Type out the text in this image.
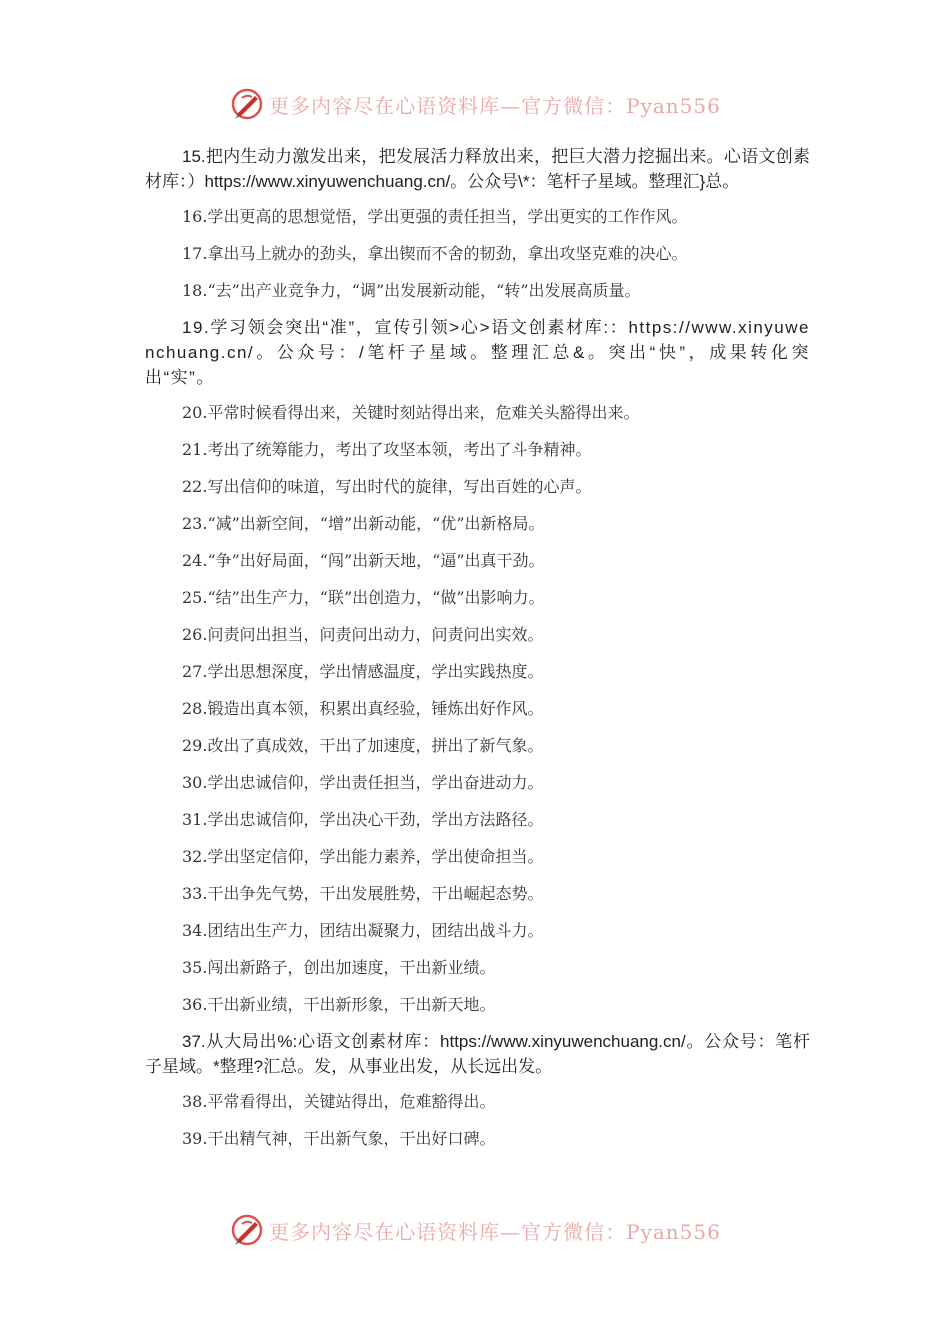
更多内容尽在心语资料库—官方微信：Pyan556

15.把内生动力激发出来，把发展活力释放出来，把巨大潜力挖掘出来。心语文创素材库：）https://www.xinyuwenchuang.cn/。公众号\*：笔杆子星域。整理汇}总。

16.学出更高的思想觉悟，学出更强的责任担当，学出更实的工作作风。
17.拿出马上就办的劲头，拿出锲而不舍的韧劲，拿出攻坚克难的决心。
18.“去”出产业竞争力，“调”出发展新动能，“转”出发展高质量。

19.学习领会突出“准”，宣传引领>心>语文创素材库:：https://www.xinyuwenchuang.cn/。公众号：/笔杆子星域。整理汇总&。突出“快”，成果转化突出“实”。

20.平常时候看得出来，关键时刻站得出来，危难关头豁得出来。
21.考出了统筹能力，考出了攻坚本领，考出了斗争精神。
22.写出信仰的味道，写出时代的旋律，写出百姓的心声。
23.“减”出新空间，“增”出新动能，“优”出新格局。
24.“争”出好局面，“闯”出新天地，“逼”出真干劲。
25.“结”出生产力，“联”出创造力，“做”出影响力。
26.问责问出担当，问责问出动力，问责问出实效。
27.学出思想深度，学出情感温度，学出实践热度。
28.锻造出真本领，积累出真经验，锤炼出好作风。
29.改出了真成效，干出了加速度，拼出了新气象。
30.学出忠诚信仰，学出责任担当，学出奋进动力。
31.学出忠诚信仰，学出决心干劲，学出方法路径。
32.学出坚定信仰，学出能力素养，学出使命担当。
33.干出争先气势，干出发展胜势，干出崛起态势。
34.团结出生产力，团结出凝聚力，团结出战斗力。
35.闯出新路子，创出加速度，干出新业绩。
36.干出新业绩，干出新形象，干出新天地。

37.从大局出%:心语文创素材库：https://www.xinyuwenchuang.cn/。公众号：笔杆子星域。*整理?汇总。发，从事业出发，从长远出发。

38.平常看得出，关键站得出，危难豁得出。
39.干出精气神，干出新气象，干出好口碑。
更多内容尽在心语资料库—官方微信：Pyan556
